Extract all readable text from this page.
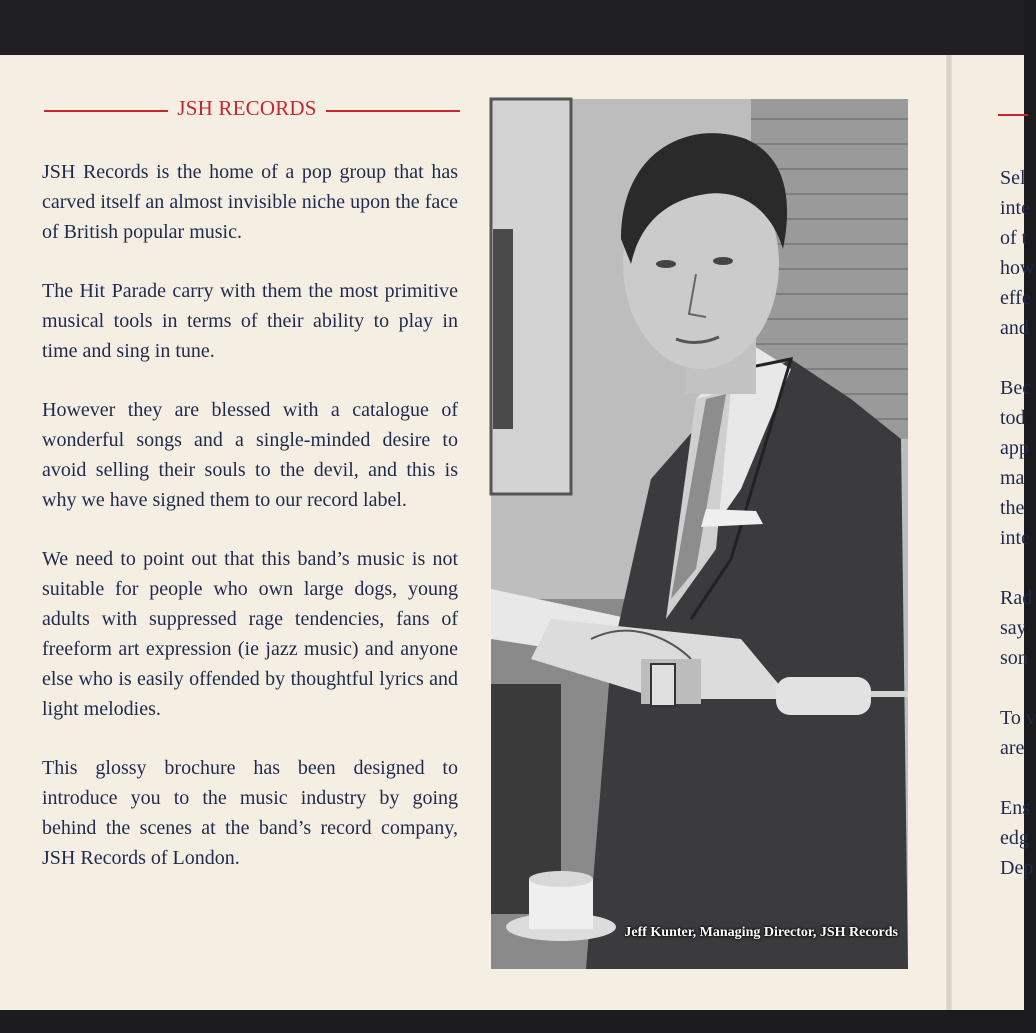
JSH RECORDS

JSH Records is the home of a pop group that has carved itself an almost invisible niche upon the face of British popular music.

The Hit Parade carry with them the most primitive musical tools in terms of their ability to play in time and sing in tune.

However they are blessed with a catalogue of wonderful songs and a single-minded desire to avoid selling their souls to the devil, and this is why we have signed them to our record label.

We need to point out that this band’s music is not suitable for people who own large dogs, young adults with suppressed rage tendencies, fans of freeform art expression (ie jazz music) and anyone else who is easily offended by thoughtful lyrics and light melodies.

This glossy brochure has been designed to introduce you to the music industry by going behind the scenes at the band’s record company, JSH Records of London.

Jeff Kunter, Managing Director, JSH Records
Sel
inte
of t
how
effe
and
Bec
tod
app
ma
the
inte
Rad
say
son
To v
are
Ens
edg
Dep
